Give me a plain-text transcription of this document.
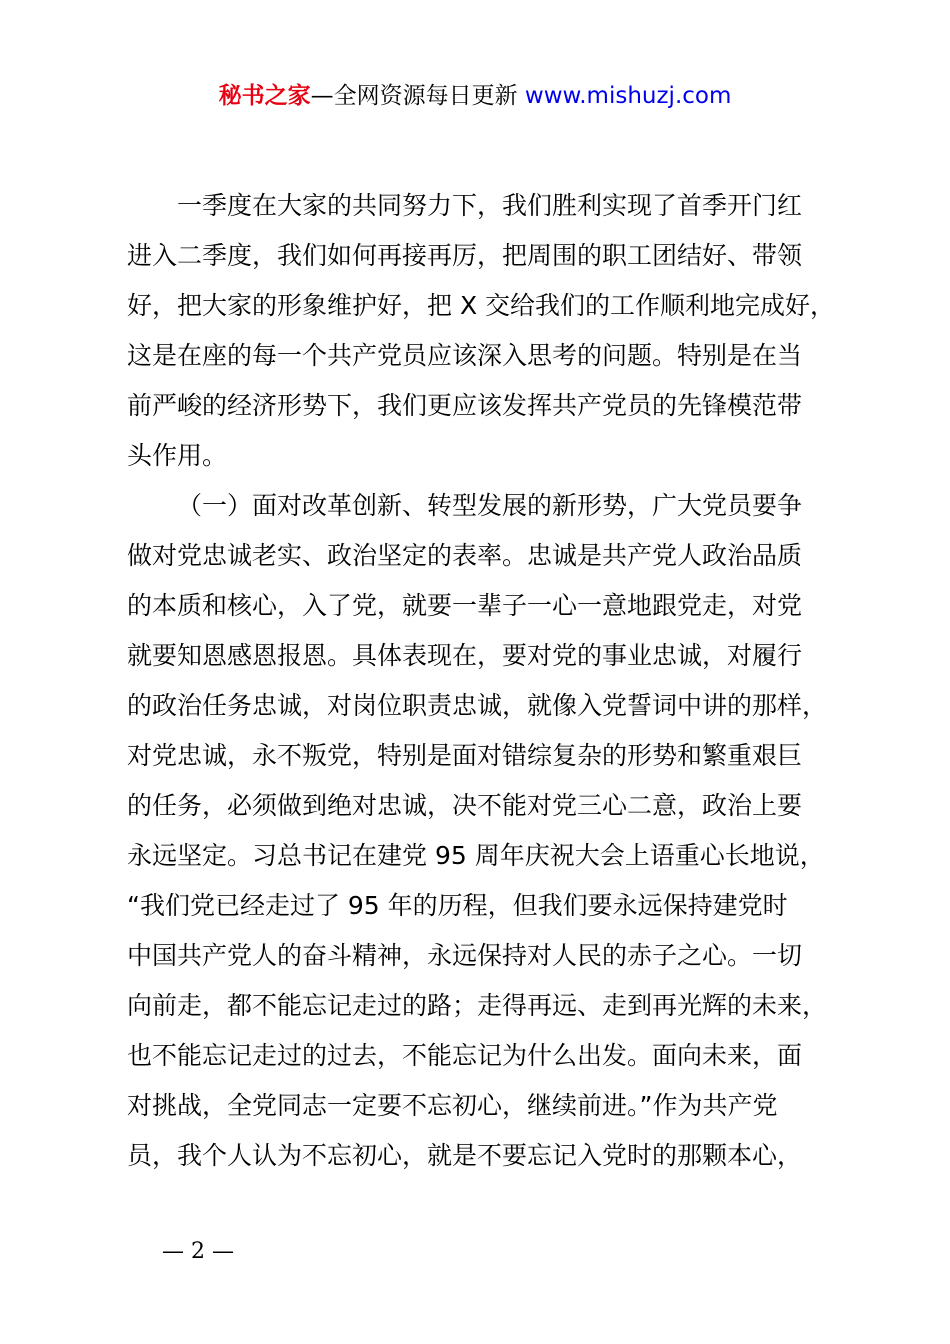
秘书之家—全网资源每日更新 www.mishuzj.com
一季度在大家的共同努力下，我们胜利实现了首季开门红
进入二季度，我们如何再接再厉，把周围的职工团结好、带领
好，把大家的形象维护好，把 X 交给我们的工作顺利地完成好，
这是在座的每一个共产党员应该深入思考的问题。特别是在当
前严峻的经济形势下，我们更应该发挥共产党员的先锋模范带
头作用。
（一）面对改革创新、转型发展的新形势，广大党员要争
做对党忠诚老实、政治坚定的表率。忠诚是共产党人政治品质
的本质和核心，入了党，就要一辈子一心一意地跟党走，对党
就要知恩感恩报恩。具体表现在，要对党的事业忠诚，对履行
的政治任务忠诚，对岗位职责忠诚，就像入党誓词中讲的那样，
对党忠诚，永不叛党，特别是面对错综复杂的形势和繁重艰巨
的任务，必须做到绝对忠诚，决不能对党三心二意，政治上要
永远坚定。习总书记在建党 95 周年庆祝大会上语重心长地说，
“我们党已经走过了 95 年的历程，但我们要永远保持建党时
中国共产党人的奋斗精神，永远保持对人民的赤子之心。一切
向前走，都不能忘记走过的路；走得再远、走到再光辉的未来，
也不能忘记走过的过去，不能忘记为什么出发。面向未来，面
对挑战，全党同志一定要不忘初心，继续前进。”作为共产党
员，我个人认为不忘初心，就是不要忘记入党时的那颗本心，
— 2 —
